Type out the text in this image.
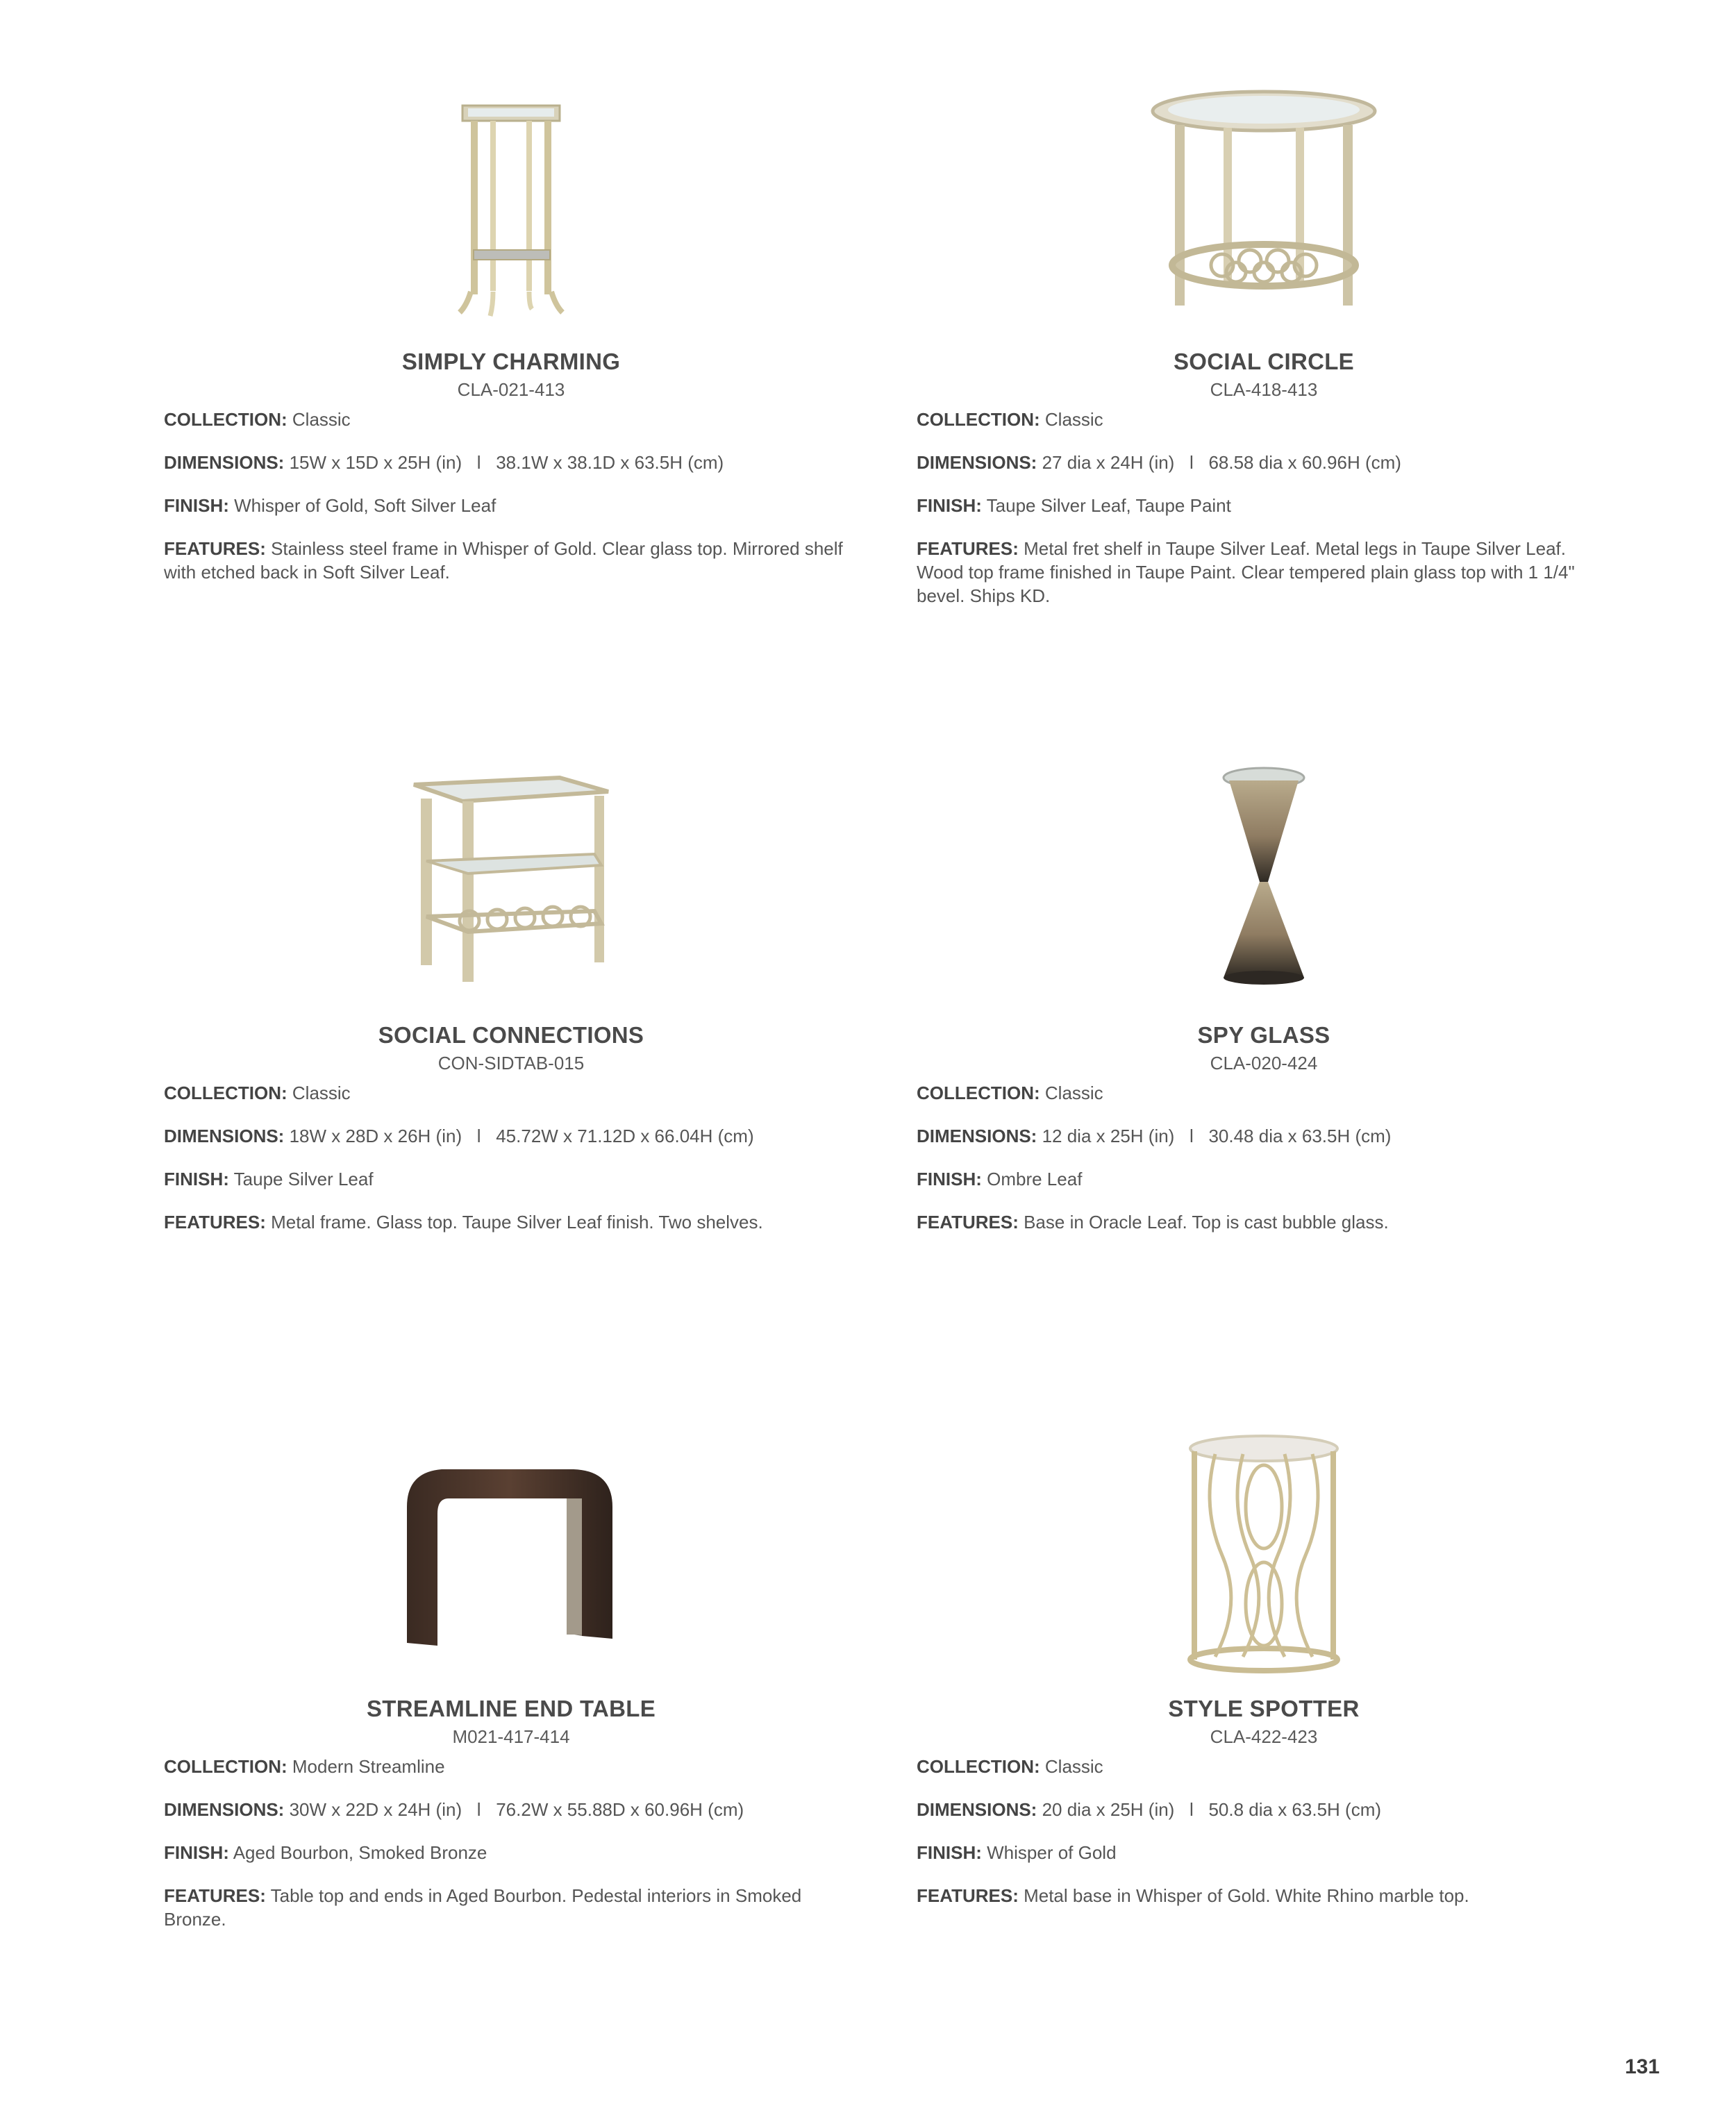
SIMPLY CHARMING
CLA-021-413
COLLECTION: Classic
DIMENSIONS: 15W x 15D x 25H (in)   l   38.1W x 38.1D x 63.5H (cm)
FINISH: Whisper of Gold, Soft Silver Leaf
FEATURES: Stainless steel frame in Whisper of Gold. Clear glass top. Mirrored shelf with etched back in Soft Silver Leaf.
SOCIAL CIRCLE
CLA-418-413
COLLECTION: Classic
DIMENSIONS: 27 dia x 24H (in)   l   68.58 dia x 60.96H (cm)
FINISH: Taupe Silver Leaf, Taupe Paint
FEATURES: Metal fret shelf in Taupe Silver Leaf. Metal legs in Taupe Silver Leaf. Wood top frame finished in Taupe Paint. Clear tempered plain glass top with 1 1/4" bevel. Ships KD.
SOCIAL CONNECTIONS
CON-SIDTAB-015
COLLECTION: Classic
DIMENSIONS: 18W x 28D x 26H (in)   l   45.72W x 71.12D x 66.04H (cm)
FINISH: Taupe Silver Leaf
FEATURES: Metal frame. Glass top. Taupe Silver Leaf finish. Two shelves.
SPY GLASS
CLA-020-424
COLLECTION: Classic
DIMENSIONS: 12 dia x 25H (in)   l   30.48 dia x 63.5H (cm)
FINISH: Ombre Leaf
FEATURES: Base in Oracle Leaf. Top is cast bubble glass.
STREAMLINE END TABLE
M021-417-414
COLLECTION: Modern Streamline
DIMENSIONS: 30W x 22D x 24H (in)   l   76.2W x 55.88D x 60.96H (cm)
FINISH: Aged Bourbon, Smoked Bronze
FEATURES: Table top and ends in Aged Bourbon. Pedestal interiors in Smoked Bronze.
STYLE SPOTTER
CLA-422-423
COLLECTION: Classic
DIMENSIONS: 20 dia x 25H (in)   l   50.8 dia x 63.5H (cm)
FINISH: Whisper of Gold
FEATURES: Metal base in Whisper of Gold. White Rhino marble top.
131
